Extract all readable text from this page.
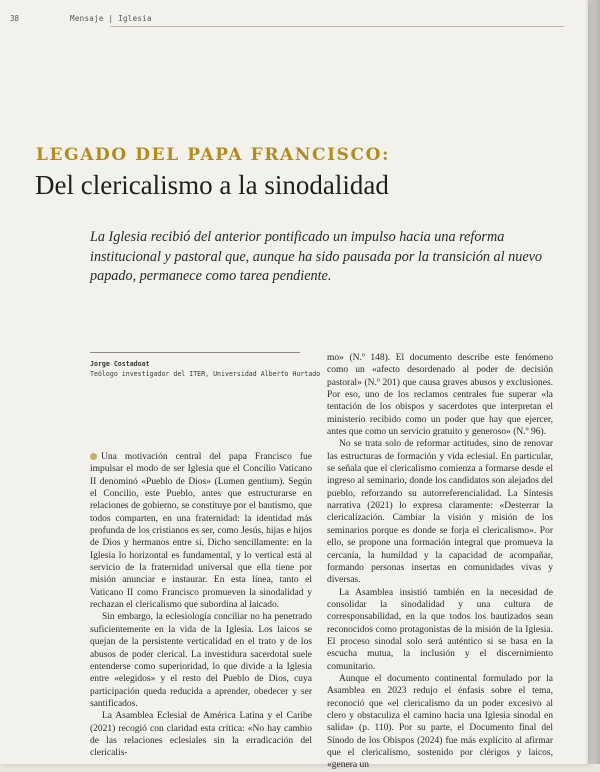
38	Mensaje | Iglesia
LEGADO DEL PAPA FRANCISCO:
Del clericalismo a la sinodalidad
La Iglesia recibió del anterior pontificado un impulso hacia una reforma institucional y pastoral que, aunque ha sido pausada por la transición al nuevo papado, permanece como tarea pendiente.
Jorge Costadoat
Teólogo investigador del ITER, Universidad Alberto Hurtado

Una motivación central del papa Francisco fue impulsar el modo de ser Iglesia que el Concilio Vaticano II denominó «Pueblo de Dios» (Lumen gentium). Según el Concilio, este Pueblo, antes que estructurarse en relaciones de gobierno, se constituye por el bautismo, que todos comparten, en una fraternidad: la identidad más profunda de los cristianos es ser, como Jesús, hijas e hijos de Dios y hermanos entre sí. Dicho sencillamente: en la Iglesia lo horizontal es fundamental, y lo vertical está al servicio de la fraternidad universal que ella tiene por misión anunciar e instaurar. En esta línea, tanto el Vaticano II como Francisco promueven la sinodalidad y rechazan el clericalismo que subordina al laicado.

Sin embargo, la eclesiología conciliar no ha penetrado suficientemente en la vida de la Iglesia. Los laicos se quejan de la persistente verticalidad en el trato y de los abusos de poder clerical. La investidura sacerdotal suele entenderse como superioridad, lo que divide a la Iglesia entre «elegidos» y el resto del Pueblo de Dios, cuya participación queda reducida a aprender, obedecer y ser santificados.

La Asamblea Eclesial de América Latina y el Caribe (2021) recogió con claridad esta crítica: «No hay cambio de las relaciones eclesiales sin la erradicación del clericalis-

mo» (N.º 148). El documento describe este fenómeno como un «afecto desordenado al poder de decisión pastoral» (N.º 201) que causa graves abusos y exclusiones. Por eso, uno de los reclamos centrales fue superar «la tentación de los obispos y sacerdotes que interpretan el ministerio recibido como un poder que hay que ejercer, antes que como un servicio gratuito y generoso» (N.º 96).

No se trata solo de reformar actitudes, sino de renovar las estructuras de formación y vida eclesial. En particular, se señala que el clericalismo comienza a formarse desde el ingreso al seminario, donde los candidatos son alejados del pueblo, reforzando su autorreferencialidad. La Síntesis narrativa (2021) lo expresa claramente: «Desterrar la clericalización. Cambiar la visión y misión de los seminarios porque es donde se forja el clericalismo». Por ello, se propone una formación integral que promueva la cercanía, la humildad y la capacidad de acompañar, formando personas insertas en comunidades vivas y diversas.

La Asamblea insistió también en la necesidad de consolidar la sinodalidad y una cultura de corresponsabilidad, en la que todos los bautizados sean reconocidos como protagonistas de la misión de la Iglesia. El proceso sinodal solo será auténtico si se basa en la escucha mutua, la inclusión y el discernimiento comunitario.

Aunque el documento continental formulado por la Asamblea en 2023 redujo el énfasis sobre el tema, reconoció que «el clericalismo da un poder excesivo al clero y obstaculiza el camino hacia una Iglesia sinodal en salida» (p. 110). Por su parte, el Documento final del Sínodo de los Obispos (2024) fue más explícito al afirmar que el clericalismo, sostenido por clérigos y laicos, «genera un
